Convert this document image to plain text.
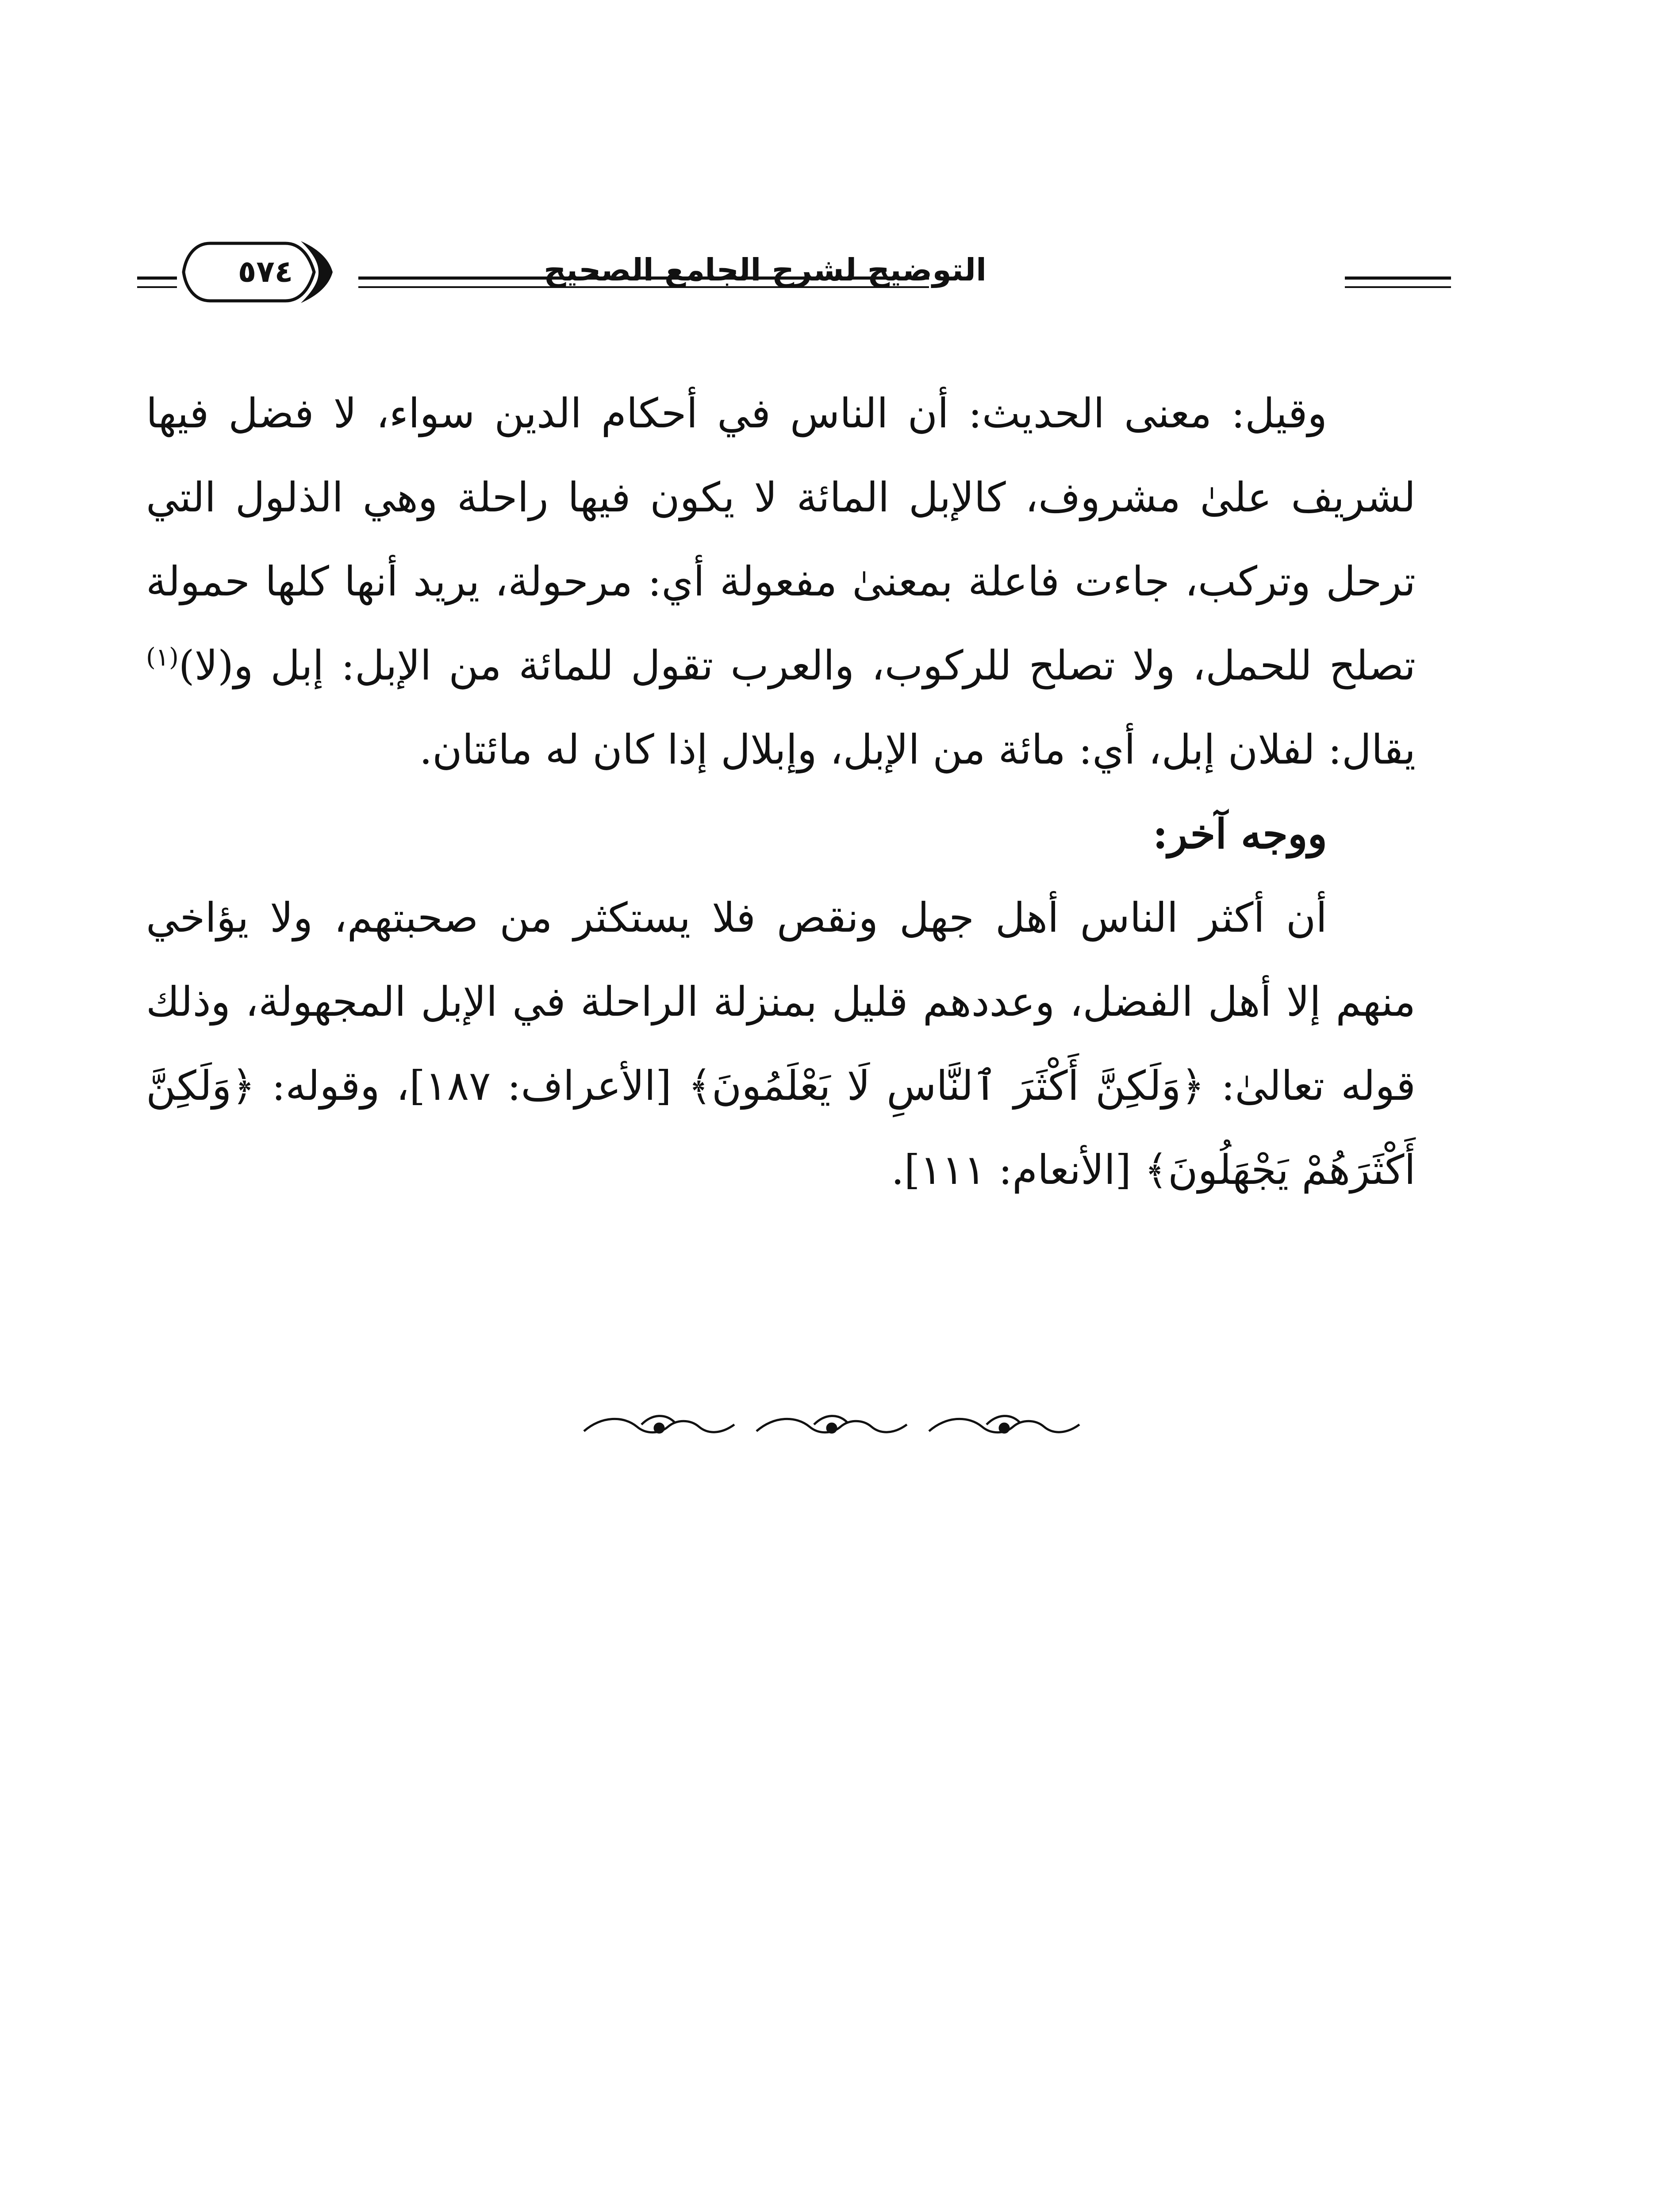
التوضيح لشرح الجامع الصحيح
٥٧٤

وقيل: معنى الحديث: أن الناس في أحكام الدين سواء، لا فضل فيها لشريف علىٰ مشروف، كالإبل المائة لا يكون فيها راحلة وهي الذلول التي ترحل وتركب، جاءت فاعلة بمعنىٰ مفعولة أي: مرحولة، يريد أنها كلها حمولة تصلح للحمل، ولا تصلح للركوب، والعرب تقول للمائة من الإبل: إبل و(لا)$^{(١)}$ يقال: لفلان إبل، أي: مائة من الإبل، وإبلال إذا كان له مائتان.

ووجه آخر:

أن أكثر الناس أهل جهل ونقص فلا يستكثر من صحبتهم، ولا يؤاخي منهم إلا أهل الفضل، وعددهم قليل بمنزلة الراحلة في الإبل المجهولة، وذلك قوله تعالىٰ: ﴿وَلَكِنَّ أَكْثَرَ ٱلنَّاسِ لَا يَعْلَمُونَ﴾ [الأعراف: ١٨٧]، وقوله: ﴿وَلَكِنَّ أَكْثَرَهُمْ يَجْهَلُونَ﴾ [الأنعام: ١١١].
